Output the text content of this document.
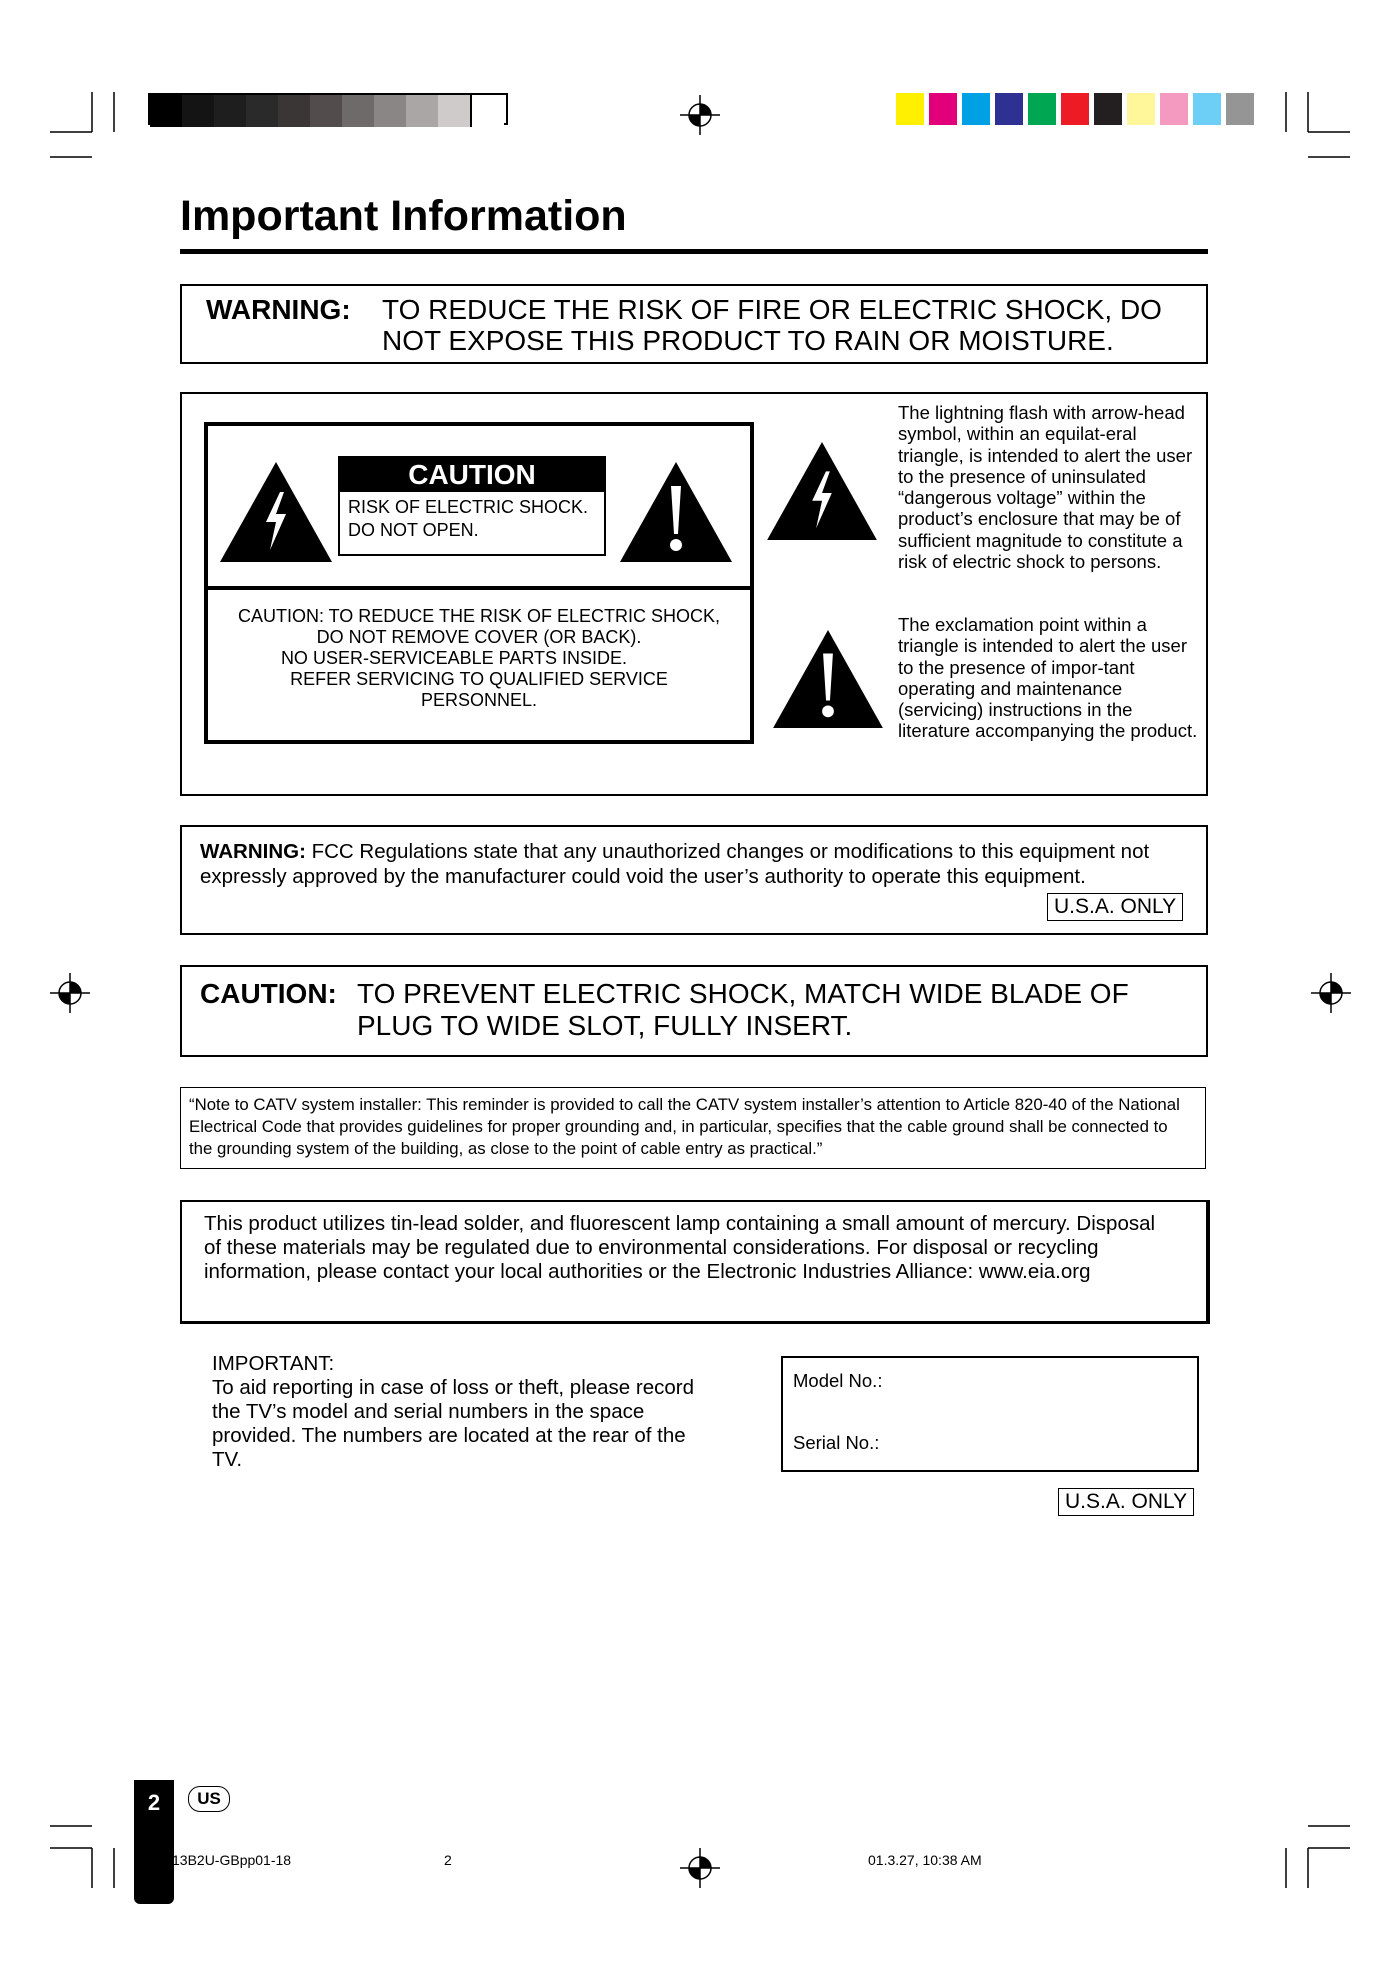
Important Information
WARNING: TO REDUCE THE RISK OF FIRE OR ELECTRIC SHOCK, DO NOT EXPOSE THIS PRODUCT TO RAIN OR MOISTURE.
CAUTION
RISK OF ELECTRIC SHOCK.
DO NOT OPEN.
CAUTION: TO REDUCE THE RISK OF ELECTRIC SHOCK,
DO NOT REMOVE COVER (OR BACK).
NO USER-SERVICEABLE PARTS INSIDE.
REFER SERVICING TO QUALIFIED SERVICE
PERSONNEL.
The lightning flash with arrow-head symbol, within an equilat-eral triangle, is intended to alert the user to the presence of uninsulated “dangerous voltage” within the product’s enclosure that may be of sufficient magnitude to constitute a risk of electric shock to persons.
The exclamation point within a triangle is intended to alert the user to the presence of impor-tant operating and maintenance (servicing) instructions in the literature accompanying the product.
WARNING: FCC Regulations state that any unauthorized changes or modifications to this equipment not expressly approved by the manufacturer could void the user’s authority to operate this equipment.
U.S.A. ONLY
CAUTION: TO PREVENT ELECTRIC SHOCK, MATCH WIDE BLADE OF PLUG TO WIDE SLOT, FULLY INSERT.
“Note to CATV system installer: This reminder is provided to call the CATV system installer’s attention to Article 820-40 of the National Electrical Code that provides guidelines for proper grounding and, in particular, specifies that the cable ground shall be connected to the grounding system of the building, as close to the point of cable entry as practical.”
This product utilizes tin-lead solder, and fluorescent lamp containing a small amount of mercury. Disposal of these materials may be regulated due to environmental considerations. For disposal or recycling information, please contact your local authorities or the Electronic Industries Alliance: www.eia.org
IMPORTANT:
To aid reporting in case of loss or theft, please record the TV’s model and serial numbers in the space provided. The numbers are located at the rear of the TV.
Model No.:
Serial No.:
U.S.A. ONLY
2	US
13B2U-GBpp01-18	2	01.3.27, 10:38 AM
